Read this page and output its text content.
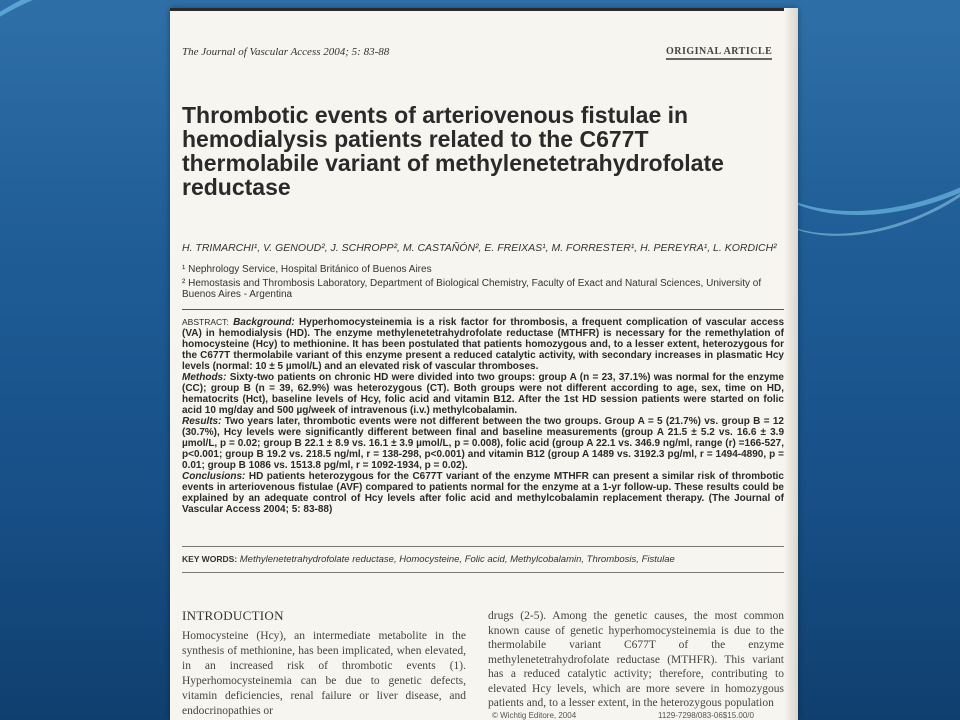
The Journal of Vascular Access 2004; 5: 83-88	ORIGINAL ARTICLE
Thrombotic events of arteriovenous fistulae in hemodialysis patients related to the C677T thermolabile variant of methylenetetrahydrofolate reductase
H. TRIMARCHI¹, V. GENOUD², J. SCHROPP², M. CASTAÑÓN², E. FREIXAS¹, M. FORRESTER¹, H. PEREYRA¹, L. KORDICH²
¹ Nephrology Service, Hospital Británico of Buenos Aires
² Hemostasis and Thrombosis Laboratory, Department of Biological Chemistry, Faculty of Exact and Natural Sciences, University of Buenos Aires - Argentina

ABSTRACT: Background: Hyperhomocysteinemia is a risk factor for thrombosis, a frequent complication of vascular access (VA) in hemodialysis (HD). The enzyme methylenetetrahydrofolate reductase (MTHFR) is necessary for the remethylation of homocysteine (Hcy) to methionine. It has been postulated that patients homozygous and, to a lesser extent, heterozygous for the C677T thermolabile variant of this enzyme present a reduced catalytic activity, with secondary increases in plasmatic Hcy levels (normal: 10 ± 5 µmol/L) and an elevated risk of vascular thromboses.

Methods: Sixty-two patients on chronic HD were divided into two groups: group A (n = 23, 37.1%) was normal for the enzyme (CC); group B (n = 39, 62.9%) was heterozygous (CT). Both groups were not different according to age, sex, time on HD, hematocrits (Hct), baseline levels of Hcy, folic acid and vitamin B12. After the 1st HD session patients were started on folic acid 10 mg/day and 500 µg/week of intravenous (i.v.) methylcobalamin.

Results: Two years later, thrombotic events were not different between the two groups. Group A = 5 (21.7%) vs. group B = 12 (30.7%), Hcy levels were significantly different between final and baseline measurements (group A 21.5 ± 5.2 vs. 16.6 ± 3.9 µmol/L, p = 0.02; group B 22.1 ± 8.9 vs. 16.1 ± 3.9 µmol/L, p = 0.008), folic acid (group A 22.1 vs. 346.9 ng/ml, range (r) =166-527, p<0.001; group B 19.2 vs. 218.5 ng/ml, r = 138-298, p<0.001) and vitamin B12 (group A 1489 vs. 3192.3 pg/ml, r = 1494-4890, p = 0.01; group B 1086 vs. 1513.8 pg/ml, r = 1092-1934, p = 0.02).

Conclusions: HD patients heterozygous for the C677T variant of the enzyme MTHFR can present a similar risk of thrombotic events in arteriovenous fistulae (AVF) compared to patients normal for the enzyme at a 1-yr follow-up. These results could be explained by an adequate control of Hcy levels after folic acid and methylcobalamin replacement therapy. (The Journal of Vascular Access 2004; 5: 83-88)

KEY WORDS: Methylenetetrahydrofolate reductase, Homocysteine, Folic acid, Methylcobalamin, Thrombosis, Fistulae
INTRODUCTION
Homocysteine (Hcy), an intermediate metabolite in the synthesis of methionine, has been implicated, when elevated, in an increased risk of thrombotic events (1). Hyperhomocysteinemia can be due to genetic defects, vitamin deficiencies, renal failure or liver disease, and endocrinopathies or
drugs (2-5). Among the genetic causes, the most common known cause of genetic hyperhomocysteinemia is due to the thermolabile variant C677T of the enzyme methylenetetrahydrofolate reductase (MTHFR). This variant has a reduced catalytic activity; therefore, contributing to elevated Hcy levels, which are more severe in homozygous patients and, to a lesser extent, in the heterozygous population
© Wichtig Editore, 2004	1129-7298/083-06$15.00/0
